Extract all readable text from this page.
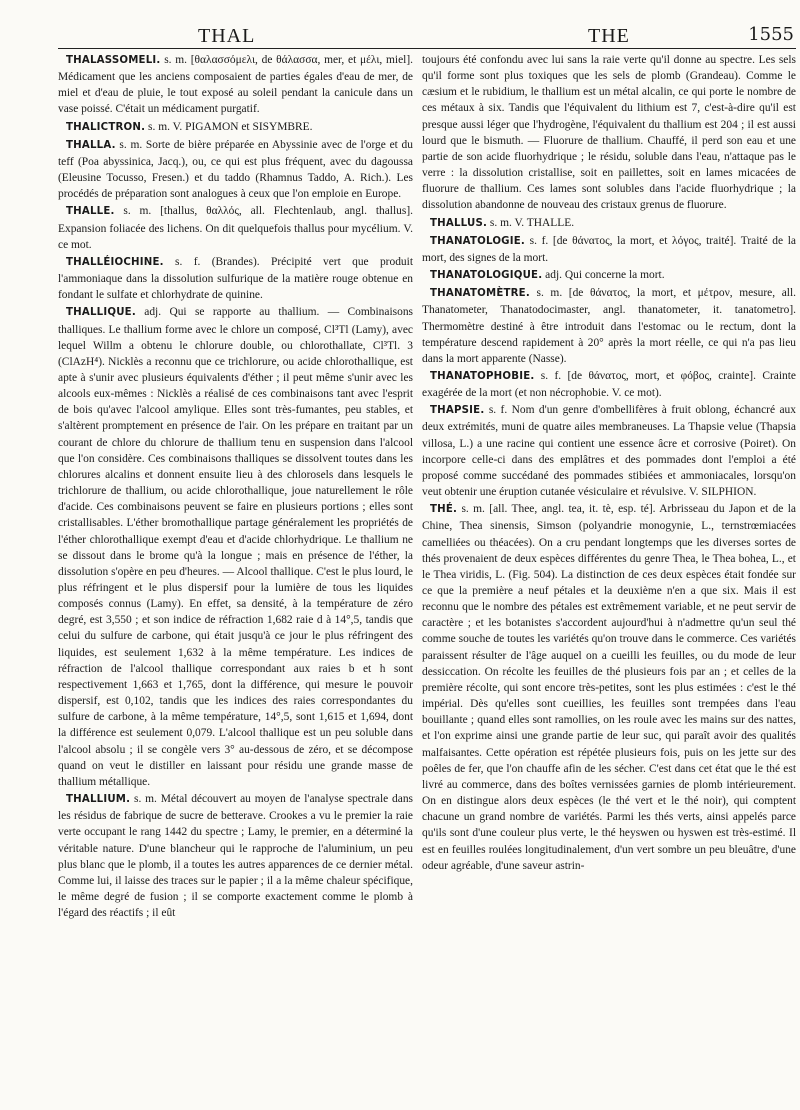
THAL	THE	1555

THALASSOMELI. s. m. [θαλασσόμελι, de θάλασσα, mer, et μέλι, miel]. Médicament que les anciens composaient de parties égales d'eau de mer, de miel et d'eau de pluie, le tout exposé au soleil pendant la canicule dans un vase poissé. C'était un médicament purgatif.

THALICTRON. s. m. V. PIGAMON et SISYMBRE.

THALLA. s. m. Sorte de bière préparée en Abyssinie avec de l'orge et du teff (Poa abyssinica, Jacq.), ou, ce qui est plus fréquent, avec du dagoussa (Eleusine Tocusso, Fresen.) et du taddo (Rhamnus Taddo, A. Rich.). Les procédés de préparation sont analogues à ceux que l'on emploie en Europe.

THALLE. s. m. [thallus, θαλλός, all. Flechtenlaub, angl. thallus]. Expansion foliacée des lichens. On dit quelquefois thallus pour mycélium. V. ce mot.

THALLÉIOCHINE. s. f. (Brandes). Précipité vert que produit l'ammoniaque dans la dissolution sulfurique de la matière rouge obtenue en fondant le sulfate et chlorhydrate de quinine.

THALLIQUE. adj. Qui se rapporte au thallium. — Combinaisons thalliques. Le thallium forme avec le chlore un composé, Cl³Tl (Lamy), avec lequel Willm a obtenu le chlorure double, ou chlorothallate, Cl³Tl. 3 (ClAzH⁴). Nicklès a reconnu que ce trichlorure, ou acide chlorothallique, est apte à s'unir avec plusieurs équivalents d'éther ; il peut même s'unir avec les alcools eux-mêmes : Nicklès a réalisé de ces combinaisons tant avec l'esprit de bois qu'avec l'alcool amylique. Elles sont très-fumantes, peu stables, et s'altèrent promptement en présence de l'air. On les prépare en traitant par un courant de chlore du chlorure de thallium tenu en suspension dans l'alcool que l'on considère. Ces combinaisons thalliques se dissolvent toutes dans les chlorures alcalins et donnent ensuite lieu à des chlorosels dans lesquels le trichlorure de thallium, ou acide chlorothallique, joue naturellement le rôle d'acide. Ces combinaisons peuvent se faire en plusieurs portions ; elles sont cristallisables. L'éther bromothallique partage généralement les propriétés de l'éther chlorothallique exempt d'eau et d'acide chlorhydrique. Le thallium ne se dissout dans le brome qu'à la longue ; mais en présence de l'éther, la dissolution s'opère en peu d'heures. — Alcool thallique. C'est le plus lourd, le plus réfringent et le plus dispersif pour la lumière de tous les liquides composés connus (Lamy). En effet, sa densité, à la température de zéro degré, est 3,550 ; et son indice de réfraction 1,682 raie d à 14°,5, tandis que celui du sulfure de carbone, qui était jusqu'à ce jour le plus réfringent des liquides, est seulement 1,632 à la même température. Les indices de réfraction de l'alcool thallique correspondant aux raies b et h sont respectivement 1,663 et 1,765, dont la différence, qui mesure le pouvoir dispersif, est 0,102, tandis que les indices des raies correspondantes du sulfure de carbone, à la même température, 14°,5, sont 1,615 et 1,694, dont la différence est seulement 0,079. L'alcool thallique est un peu soluble dans l'alcool absolu ; il se congèle vers 3° au-dessous de zéro, et se décompose quand on veut le distiller en laissant pour résidu une grande masse de thallium métallique.

THALLIUM. s. m. Métal découvert au moyen de l'analyse spectrale dans les résidus de fabrique de sucre de betterave. Crookes a vu le premier la raie verte occupant le rang 1442 du spectre ; Lamy, le premier, en a déterminé la véritable nature. D'une blancheur qui le rapproche de l'aluminium, un peu plus blanc que le plomb, il a toutes les autres apparences de ce dernier métal. Comme lui, il laisse des traces sur le papier ; il a la même chaleur spécifique, le même degré de fusion ; il se comporte exactement comme le plomb à l'égard des réactifs ; il eût

toujours été confondu avec lui sans la raie verte qu'il donne au spectre. Les sels qu'il forme sont plus toxiques que les sels de plomb (Grandeau). Comme le cæsium et le rubidium, le thallium est un métal alcalin, ce qui porte le nombre de ces métaux à six. Tandis que l'équivalent du lithium est 7, c'est-à-dire qu'il est presque aussi léger que l'hydrogène, l'équivalent du thallium est 204 ; il est aussi lourd que le bismuth. — Fluorure de thallium. Chauffé, il perd son eau et une partie de son acide fluorhydrique ; le résidu, soluble dans l'eau, n'attaque pas le verre : la dissolution cristallise, soit en paillettes, soit en lames micacées de fluorure de thallium. Ces lames sont solubles dans l'acide fluorhydrique ; la dissolution abandonne de nouveau des cristaux grenus de fluorure.

THALLUS. s. m. V. THALLE.

THANATOLOGIE. s. f. [de θάνατος, la mort, et λόγος, traité]. Traité de la mort, des signes de la mort.

THANATOLOGIQUE. adj. Qui concerne la mort.

THANATOMÈTRE. s. m. [de θάνατος, la mort, et μέτρον, mesure, all. Thanatometer, Thanatodocimaster, angl. thanatometer, it. tanatometro]. Thermomètre destiné à être introduit dans l'estomac ou le rectum, dont la température descend rapidement à 20° après la mort réelle, ce qui n'a pas lieu dans la mort apparente (Nasse).

THANATOPHOBIE. s. f. [de θάνατος, mort, et φόβος, crainte]. Crainte exagérée de la mort (et non nécrophobie. V. ce mot).

THAPSIE. s. f. Nom d'un genre d'ombellifères à fruit oblong, échancré aux deux extrémités, muni de quatre ailes membraneuses. La Thapsie velue (Thapsia villosa, L.) a une racine qui contient une essence âcre et corrosive (Poiret). On incorpore celle-ci dans des emplâtres et des pommades dont l'emploi a été proposé comme succédané des pommades stibiées et ammoniacales, lorsqu'on veut obtenir une éruption cutanée vésiculaire et révulsive. V. SILPHION.

THÉ. s. m. [all. Thee, angl. tea, it. tè, esp. té]. Arbrisseau du Japon et de la Chine, Thea sinensis, Simson (polyandrie monogynie, L., ternstrœmiacées camelliées ou théacées). On a cru pendant longtemps que les diverses sortes de thés provenaient de deux espèces différentes du genre Thea, le Thea bohea, L., et le Thea viridis, L. (Fig. 504). La distinction de ces deux espèces était fondée sur ce que la première a neuf pétales et la deuxième n'en a que six. Mais il est reconnu que le nombre des pétales est extrêmement variable, et ne peut servir de caractère ; et les botanistes s'accordent aujourd'hui à n'admettre qu'un seul thé comme souche de toutes les variétés qu'on trouve dans le commerce. Ces variétés paraissent résulter de l'âge auquel on a cueilli les feuilles, ou du mode de leur dessiccation. On récolte les feuilles de thé plusieurs fois par an ; et celles de la première récolte, qui sont encore très-petites, sont les plus estimées : c'est le thé impérial. Dès qu'elles sont cueillies, les feuilles sont trempées dans l'eau bouillante ; quand elles sont ramollies, on les roule avec les mains sur des nattes, et l'on exprime ainsi une grande partie de leur suc, qui paraît avoir des qualités malfaisantes. Cette opération est répétée plusieurs fois, puis on les jette sur des poêles de fer, que l'on chauffe afin de les sécher. C'est dans cet état que le thé est livré au commerce, dans des boîtes vernissées garnies de plomb intérieurement. On en distingue alors deux espèces (le thé vert et le thé noir), qui comptent chacune un grand nombre de variétés. Parmi les thés verts, ainsi appelés parce qu'ils sont d'une couleur plus verte, le thé heyswen ou hyswen est très-estimé. Il est en feuilles roulées longitudinalement, d'un vert sombre un peu bleuâtre, d'une odeur agréable, d'une saveur astrin-
